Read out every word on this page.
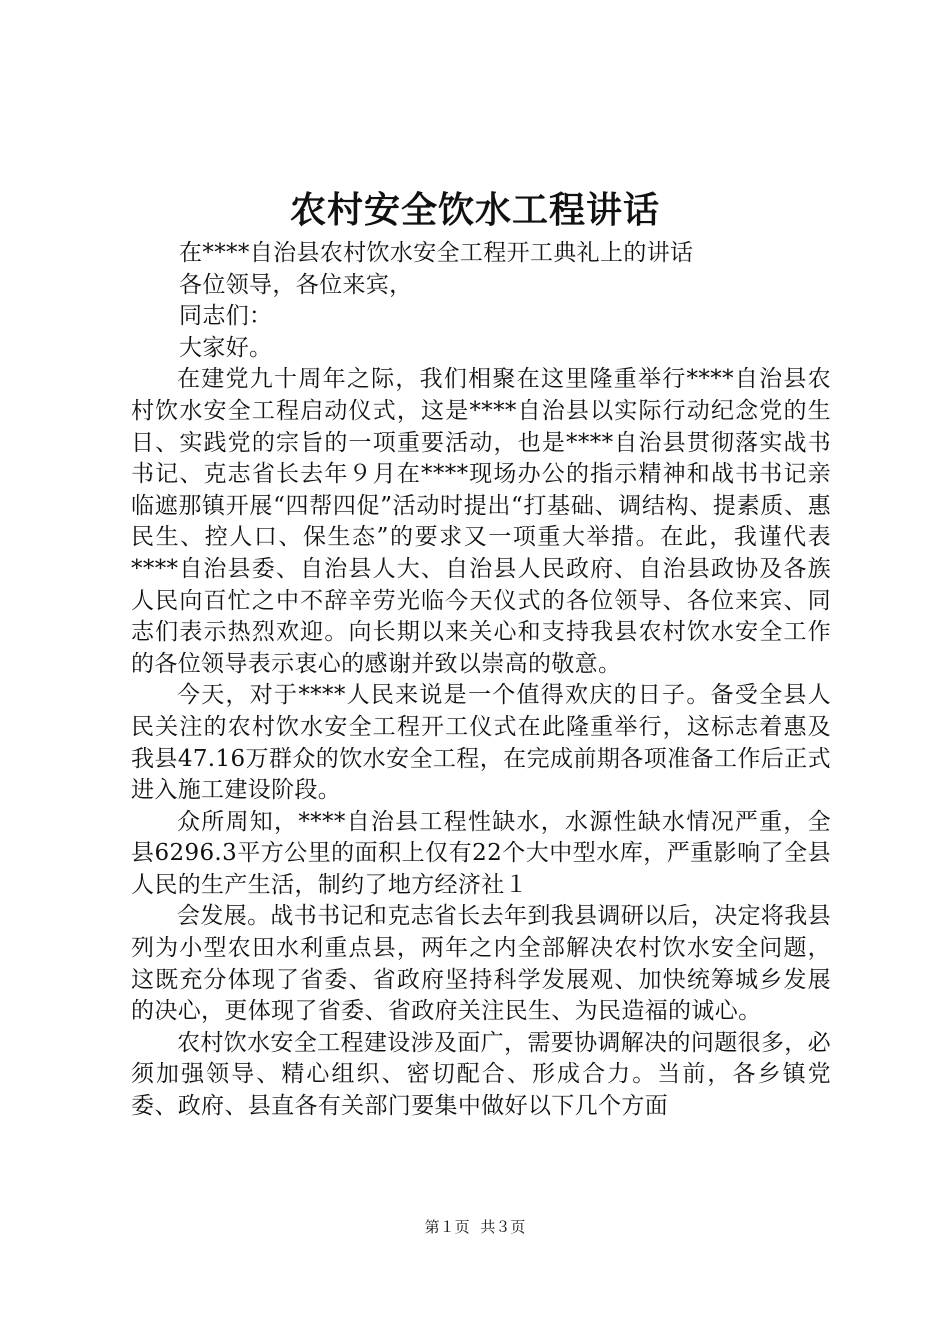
农村安全饮水工程讲话

在****自治县农村饮水安全工程开工典礼上的讲话

各位领导，各位来宾，

同志们：

大家好。

在建党九十周年之际，我们相聚在这里隆重举行****自治县农村饮水安全工程启动仪式，这是****自治县以实际行动纪念党的生日、实践党的宗旨的一项重要活动，也是****自治县贯彻落实战书书记、克志省长去年９月在****现场办公的指示精神和战书书记亲临遮那镇开展“四帮四促”活动时提出“打基础、调结构、提素质、惠民生、控人口、保生态”的要求又一项重大举措。在此，我谨代表****自治县委、自治县人大、自治县人民政府、自治县政协及各族人民向百忙之中不辞辛劳光临今天仪式的各位领导、各位来宾、同志们表示热烈欢迎。向长期以来关心和支持我县农村饮水安全工作的各位领导表示衷心的感谢并致以崇高的敬意。

今天，对于****人民来说是一个值得欢庆的日子。备受全县人民关注的农村饮水安全工程开工仪式在此隆重举行，这标志着惠及我县47.16万群众的饮水安全工程，在完成前期各项准备工作后正式进入施工建设阶段。

众所周知，****自治县工程性缺水，水源性缺水情况严重，全县6296.3平方公里的面积上仅有22个大中型水库，严重影响了全县人民的生产生活，制约了地方经济社１

会发展。战书书记和克志省长去年到我县调研以后，决定将我县列为小型农田水利重点县，两年之内全部解决农村饮水安全问题，这既充分体现了省委、省政府坚持科学发展观、加快统筹城乡发展的决心，更体现了省委、省政府关注民生、为民造福的诚心。

农村饮水安全工程建设涉及面广，需要协调解决的问题很多，必须加强领导、精心组织、密切配合、形成合力。当前，各乡镇党委、政府、县直各有关部门要集中做好以下几个方面

第１页 共３页
